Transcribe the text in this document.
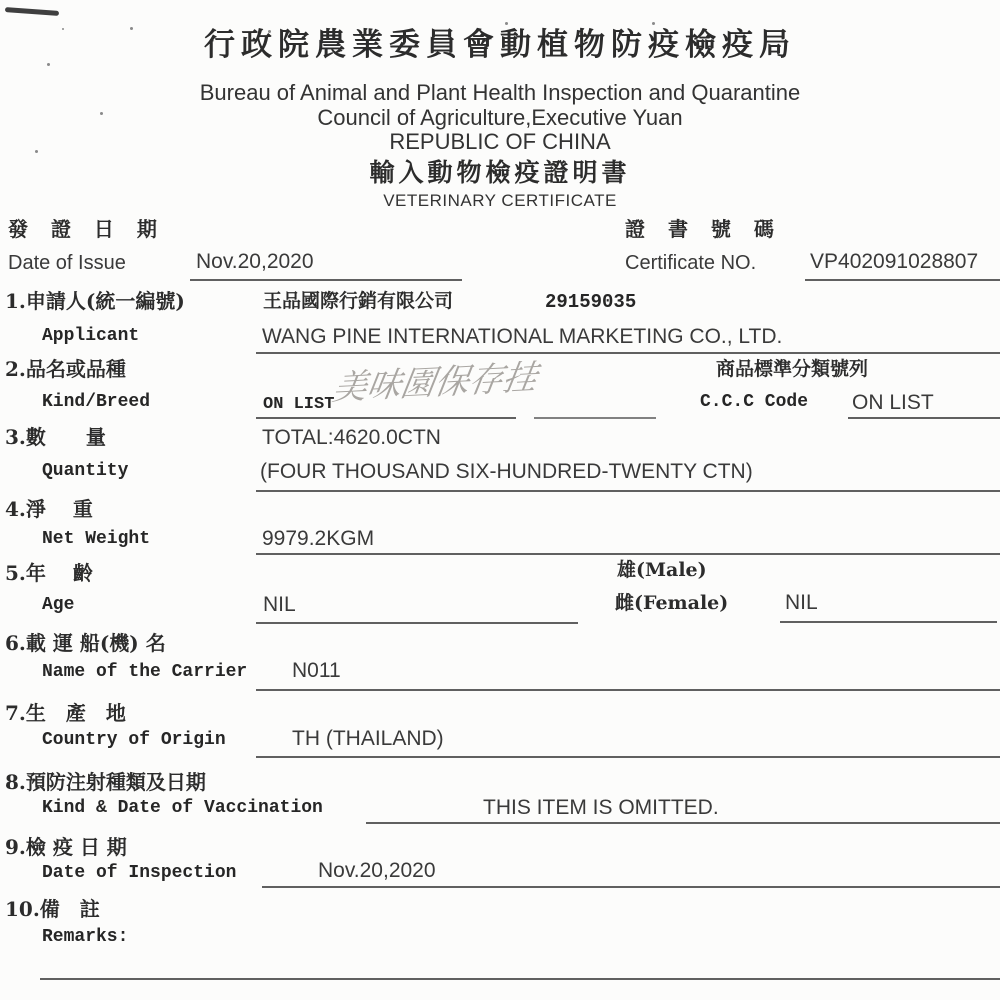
行政院農業委員會動植物防疫檢疫局
Bureau of Animal and Plant Health Inspection and Quarantine
Council of Agriculture,Executive Yuan
REPUBLIC OF CHINA
輸入動物檢疫證明書
VETERINARY CERTIFICATE
發 證 日 期
Date of Issue	Nov.20,2020
證 書 號 碼
Certificate NO.	VP402091028807
1.申請人(統一編號)	王品國際行銷有限公司	29159035
Applicant	WANG PINE INTERNATIONAL MARKETING CO., LTD.
2.品名或品種	商品標準分類號列
Kind/Breed	ON LIST
美味園保存挂	C.C.C Code ON LIST
3.數　　量	TOTAL:4620.0CTN
Quantity	(FOUR THOUSAND SIX-HUNDRED-TWENTY CTN)
4.淨　 重
Net Weight	9979.2KGM
5.年　 齡	雄(Male)
Age	NIL	雌(Female)	NIL
6.載 運 船(機) 名
Name of the Carrier N011
7.生　產　地
Country of Origin	TH (THAILAND)
8.預防注射種類及日期
Kind & Date of Vaccination	THIS ITEM IS OMITTED.
9.檢 疫 日 期
Date of Inspection	Nov.20,2020
10.備　註
Remarks:
